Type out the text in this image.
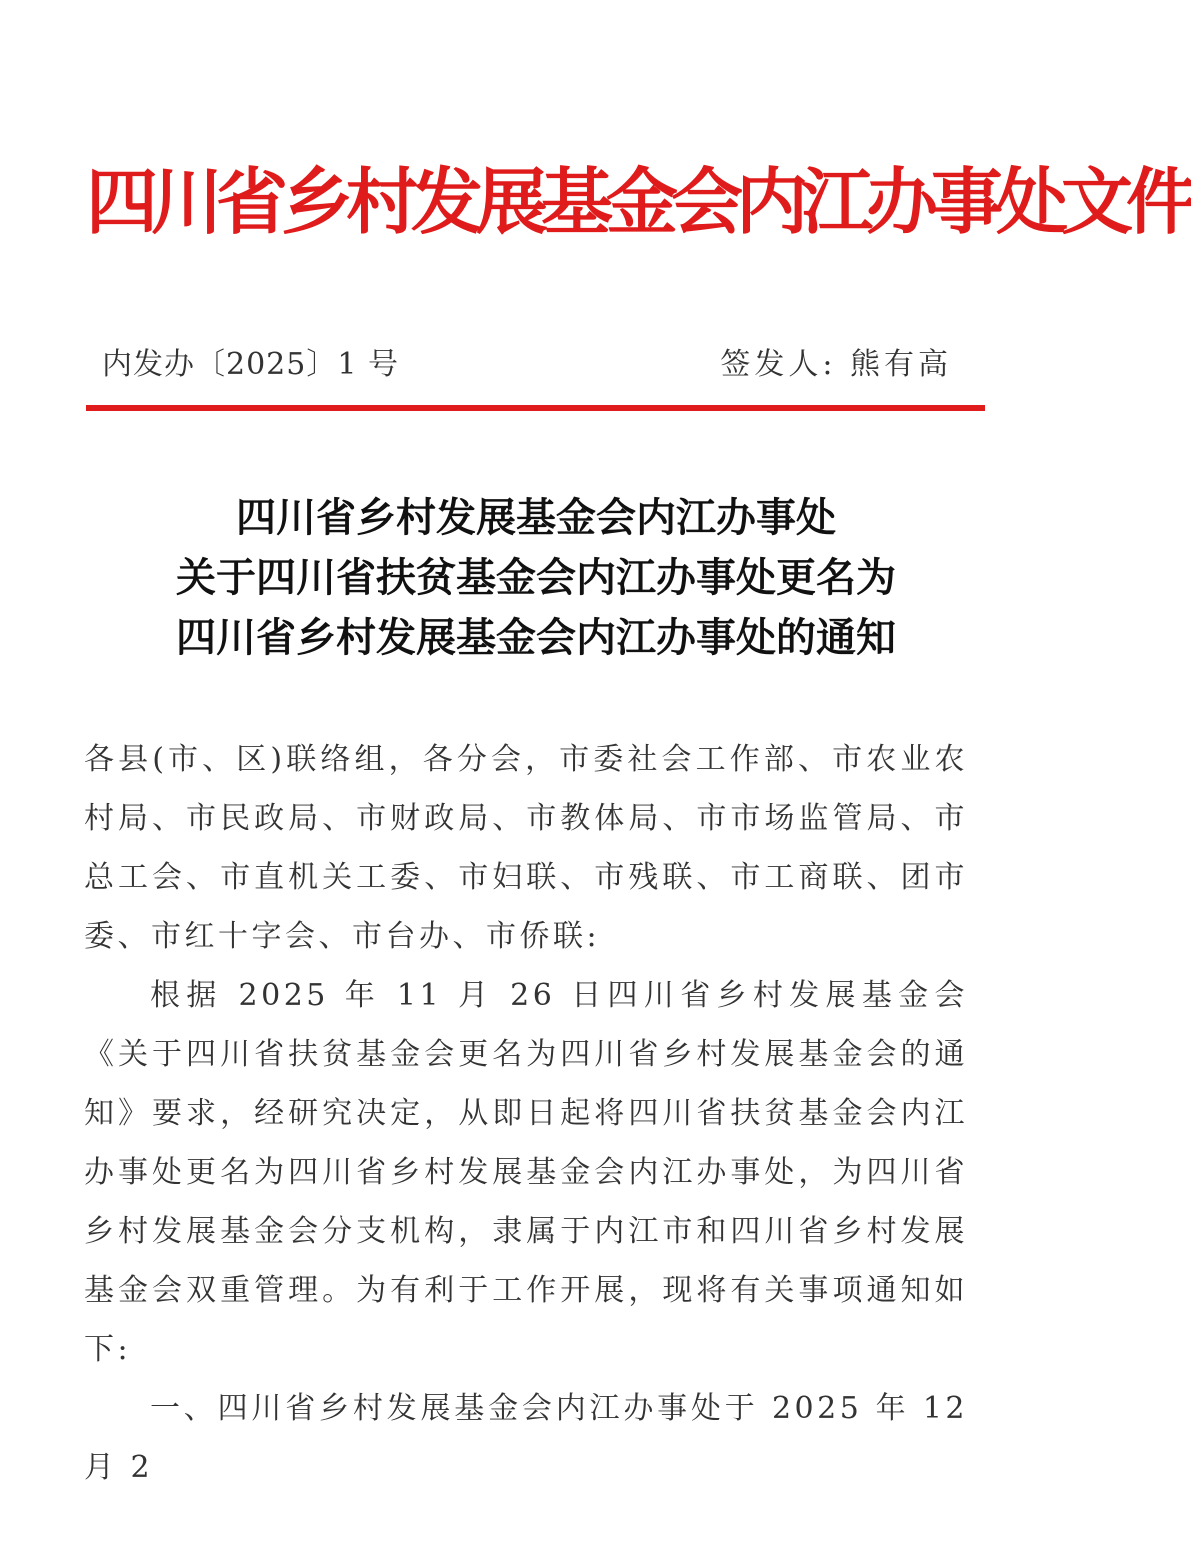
四川省乡村发展基金会内江办事处文件
内发办〔2025〕1 号	签发人: 熊有高
四川省乡村发展基金会内江办事处
关于四川省扶贫基金会内江办事处更名为
四川省乡村发展基金会内江办事处的通知

各县(市、区)联络组，各分会，市委社会工作部、市农业农村局、市民政局、市财政局、市教体局、市市场监管局、市总工会、市直机关工委、市妇联、市残联、市工商联、团市委、市红十字会、市台办、市侨联:

根据 2025 年 11 月 26 日四川省乡村发展基金会《关于四川省扶贫基金会更名为四川省乡村发展基金会的通知》要求，经研究决定，从即日起将四川省扶贫基金会内江办事处更名为四川省乡村发展基金会内江办事处，为四川省乡村发展基金会分支机构，隶属于内江市和四川省乡村发展基金会双重管理。为有利于工作开展，现将有关事项通知如下:

一、四川省乡村发展基金会内江办事处于 2025 年 12 月 2
